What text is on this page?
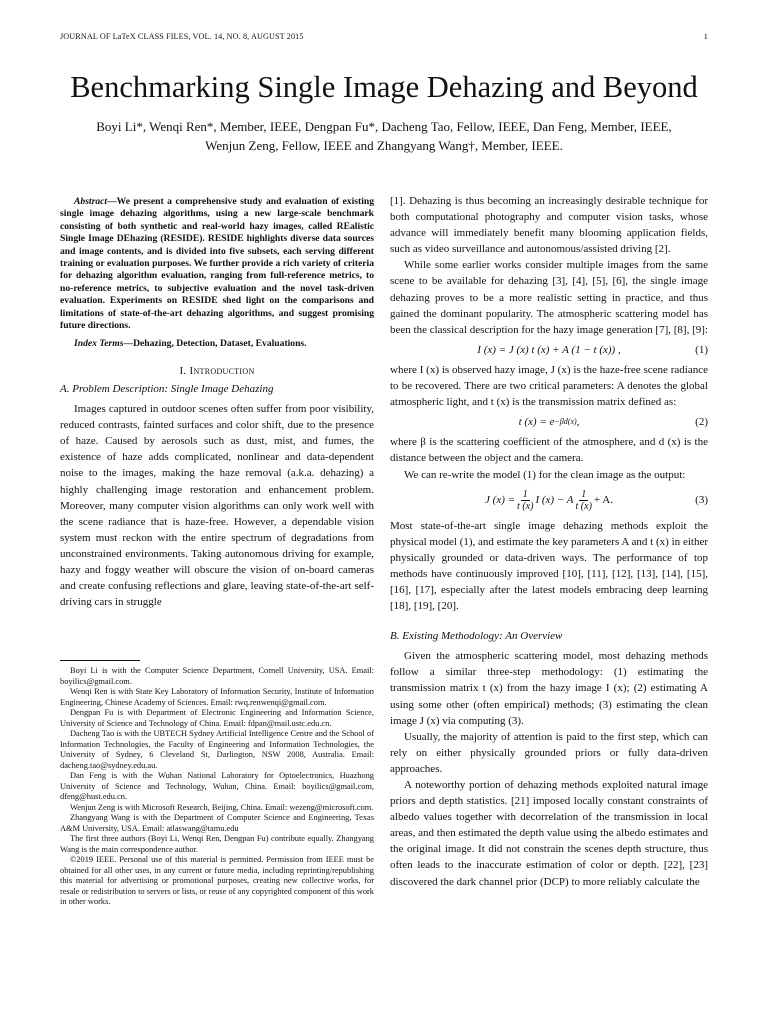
JOURNAL OF LaTeX CLASS FILES, VOL. 14, NO. 8, AUGUST 2015	1
Benchmarking Single Image Dehazing and Beyond
Boyi Li*, Wenqi Ren*, Member, IEEE, Dengpan Fu*, Dacheng Tao, Fellow, IEEE, Dan Feng, Member, IEEE,
Wenjun Zeng, Fellow, IEEE and Zhangyang Wang†, Member, IEEE.

Abstract—We present a comprehensive study and evaluation of existing single image dehazing algorithms, using a new large-scale benchmark consisting of both synthetic and real-world hazy images, called REalistic Single Image DEhazing (RESIDE). RESIDE highlights diverse data sources and image contents, and is divided into five subsets, each serving different training or evaluation purposes. We further provide a rich variety of criteria for dehazing algorithm evaluation, ranging from full-reference metrics, to no-reference metrics, to subjective evaluation and the novel task-driven evaluation. Experiments on RESIDE shed light on the comparisons and limitations of state-of-the-art dehazing algorithms, and suggest promising future directions.

Index Terms—Dehazing, Detection, Dataset, Evaluations.

I. Introduction
A. Problem Description: Single Image Dehazing

Images captured in outdoor scenes often suffer from poor visibility, reduced contrasts, fainted surfaces and color shift, due to the presence of haze. Caused by aerosols such as dust, mist, and fumes, the existence of haze adds complicated, nonlinear and data-dependent noise to the images, making the haze removal (a.k.a. dehazing) a highly challenging image restoration and enhancement problem. Moreover, many computer vision algorithms can only work well with the scene radiance that is haze-free. However, a dependable vision system must reckon with the entire spectrum of degradations from unconstrained environments. Taking autonomous driving for example, hazy and foggy weather will obscure the vision of on-board cameras and create confusing reflections and glare, leaving state-of-the-art self-driving cars in struggle

Boyi Li is with the Computer Science Department, Cornell University, USA. Email: boyilics@gmail.com.

Wenqi Ren is with State Key Laboratory of Information Security, Institute of Information Engineering, Chinese Academy of Sciences. Email: rwq.renwenqi@gmail.com.

Dengpan Fu is with Department of Electronic Engineering and Information Science, University of Science and Technology of China. Email: fdpan@mail.ustc.edu.cn.

Dacheng Tao is with the UBTECH Sydney Artificial Intelligence Centre and the School of Information Technologies, the Faculty of Engineering and Information Technologies, the University of Sydney, 6 Cleveland St, Darlington, NSW 2008, Australia. Email: dacheng.tao@sydney.edu.au.

Dan Feng is with the Wuhan National Laboratory for Optoelectronics, Huazhong University of Science and Technology, Wuhan, China. Email: boyilics@gmail.com, dfeng@hust.edu.cn.

Wenjun Zeng is with Microsoft Research, Beijing, China. Email: wezeng@microsoft.com.

Zhangyang Wang is with the Department of Computer Science and Engineering, Texas A&M University, USA. Email: atlaswang@tamu.edu

The first three authors (Boyi Li, Wenqi Ren, Dengpan Fu) contribute equally. Zhangyang Wang is the main correspondence author.

©2019 IEEE. Personal use of this material is permitted. Permission from IEEE must be obtained for all other uses, in any current or future media, including reprinting/republishing this material for advertising or promotional purposes, creating new collective works, for resale or redistribution to servers or lists, or reuse of any copyrighted component of this work in other works.

[1]. Dehazing is thus becoming an increasingly desirable technique for both computational photography and computer vision tasks, whose advance will immediately benefit many blooming application fields, such as video surveillance and autonomous/assisted driving [2].

While some earlier works consider multiple images from the same scene to be available for dehazing [3], [4], [5], [6], the single image dehazing proves to be a more realistic setting in practice, and thus gained the dominant popularity. The atmospheric scattering model has been the classical description for the hazy image generation [7], [8], [9]:

I (x) = J (x) t (x) + A (1 − t (x)) ,	(1)

where I (x) is observed hazy image, J (x) is the haze-free scene radiance to be recovered. There are two critical parameters: A denotes the global atmospheric light, and t (x) is the transmission matrix defined as:

t (x) = e −βd(x) ,	(2)

where β is the scattering coefficient of the atmosphere, and d (x) is the distance between the object and the camera.

We can re-write the model (1) for the clean image as the output:

J $(x) = \frac{1}{t (x)}$ I (x) − A $\frac{1}{t (x)} + A$.	(3)

Most state-of-the-art single image dehazing methods exploit the physical model (1), and estimate the key parameters A and t (x) in either physically grounded or data-driven ways. The performance of top methods have continuously improved [10], [11], [12], [13], [14], [15], [16], [17], especially after the latest models embracing deep learning [18], [19], [20].

B. Existing Methodology: An Overview

Given the atmospheric scattering model, most dehazing methods follow a similar three-step methodology: (1) estimating the transmission matrix t (x) from the hazy image I (x); (2) estimating A using some other (often empirical) methods; (3) estimating the clean image J (x) via computing (3).

Usually, the majority of attention is paid to the first step, which can rely on either physically grounded priors or fully data-driven approaches.

A noteworthy portion of dehazing methods exploited natural image priors and depth statistics. [21] imposed locally constant constraints of albedo values together with decorrelation of the transmission in local areas, and then estimated the depth value using the albedo estimates and the original image. It did not constrain the scenes depth structure, thus often leads to the inaccurate estimation of color or depth. [22], [23] discovered the dark channel prior (DCP) to more reliably calculate the
